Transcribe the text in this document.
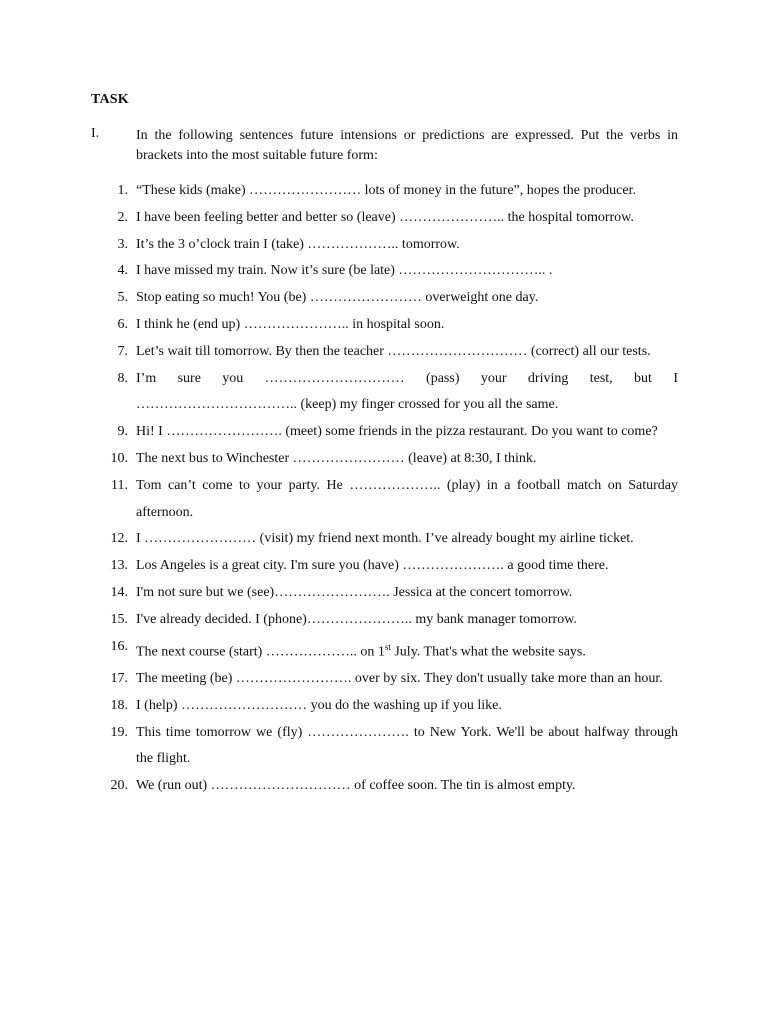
TASK
I.	In the following sentences future intensions or predictions are expressed. Put the verbs in brackets into the most suitable future form:
1. “These kids (make) …………………… lots of money in the future”, hopes the producer.
2. I have been feeling better and better so (leave) ………………….. the hospital tomorrow.
3. It’s the 3 o’clock train I (take) ……………….. tomorrow.
4. I have missed my train. Now it’s sure (be late) ………………………….. .
5. Stop eating so much! You (be) …………………… overweight one day.
6. I think he (end up) ………………….. in hospital soon.
7. Let’s wait till tomorrow. By then the teacher ………………………… (correct) all our tests.
8. I’m sure you ………………………… (pass) your driving test, but I …………………………….. (keep) my finger crossed for you all the same.
9. Hi! I ……………………. (meet) some friends in the pizza restaurant. Do you want to come?
10. The next bus to Winchester …………………… (leave) at 8:30, I think.
11. Tom can’t come to your party. He ……………….. (play) in a football match on Saturday afternoon.
12. I …………………… (visit) my friend next month. I’ve already bought my airline ticket.
13. Los Angeles is a great city. I'm sure you (have) …………………. a good time there.
14. I'm not sure but we (see)……………………. Jessica at the concert tomorrow.
15. I've already decided. I (phone)………………….. my bank manager tomorrow.
16. The next course (start) ……………….. on 1st July. That's what the website says.
17. The meeting (be) ……………………. over by six. They don't usually take more than an hour.
18. I (help) ……………………… you do the washing up if you like.
19. This time tomorrow we (fly) …………………. to New York. We'll be about halfway through the flight.
20. We (run out) ………………………… of coffee soon. The tin is almost empty.
